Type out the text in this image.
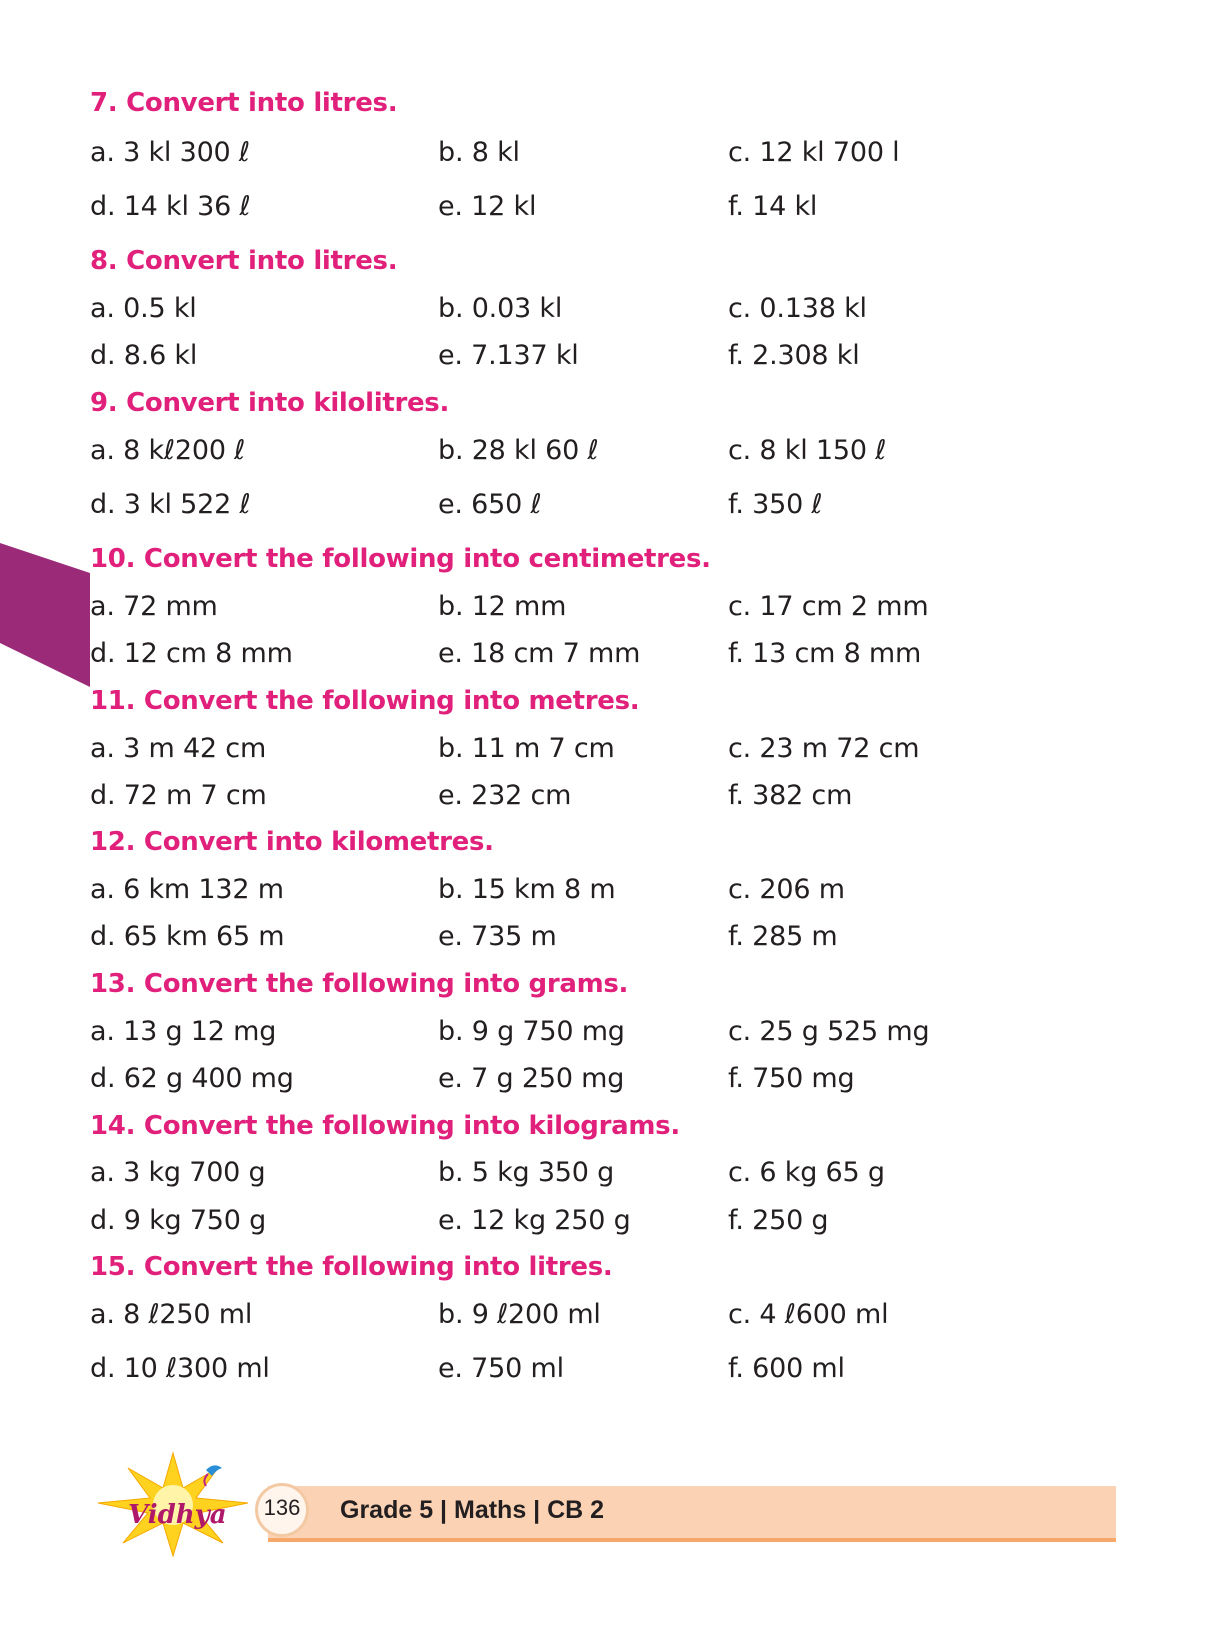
7. Convert into litres.
a. 3 kl 300 ℓ	b. 8 kl	c. 12 kl 700 l
d. 14 kl 36 ℓ	e. 12 kl	f. 14 kl
8. Convert into litres.
a. 0.5 kl	b. 0.03 kl	c. 0.138 kl
d. 8.6 kl	e. 7.137 kl	f. 2.308 kl
9. Convert into kilolitres.
a. 8 kℓ200 ℓ	b. 28 kl 60 ℓ	c. 8 kl 150 ℓ
d. 3 kl 522 ℓ	e. 650 ℓ	f. 350 ℓ
10. Convert the following into centimetres.
a. 72 mm	b. 12 mm	c. 17 cm 2 mm
d. 12 cm 8 mm	e. 18 cm 7 mm	f. 13 cm 8 mm
11. Convert the following into metres.
a. 3 m 42 cm	b. 11 m 7 cm	c. 23 m 72 cm
d. 72 m 7 cm	e. 232 cm	f. 382 cm
12. Convert into kilometres.
a. 6 km 132 m	b. 15 km 8 m	c. 206 m
d. 65 km 65 m	e. 735 m	f. 285 m
13. Convert the following into grams.
a. 13 g 12 mg	b. 9 g 750 mg	c. 25 g 525 mg
d. 62 g 400 mg	e. 7 g 250 mg	f. 750 mg
14. Convert the following into kilograms.
a. 3 kg 700 g	b. 5 kg 350 g	c. 6 kg 65 g
d. 9 kg 750 g	e. 12 kg 250 g	f. 250 g
15. Convert the following into litres.
a. 8 ℓ250 ml	b. 9 ℓ200 ml	c. 4 ℓ600 ml
d. 10 ℓ300 ml	e. 750 ml	f. 600 ml
Vidhya	136	Grade 5 | Maths | CB 2
